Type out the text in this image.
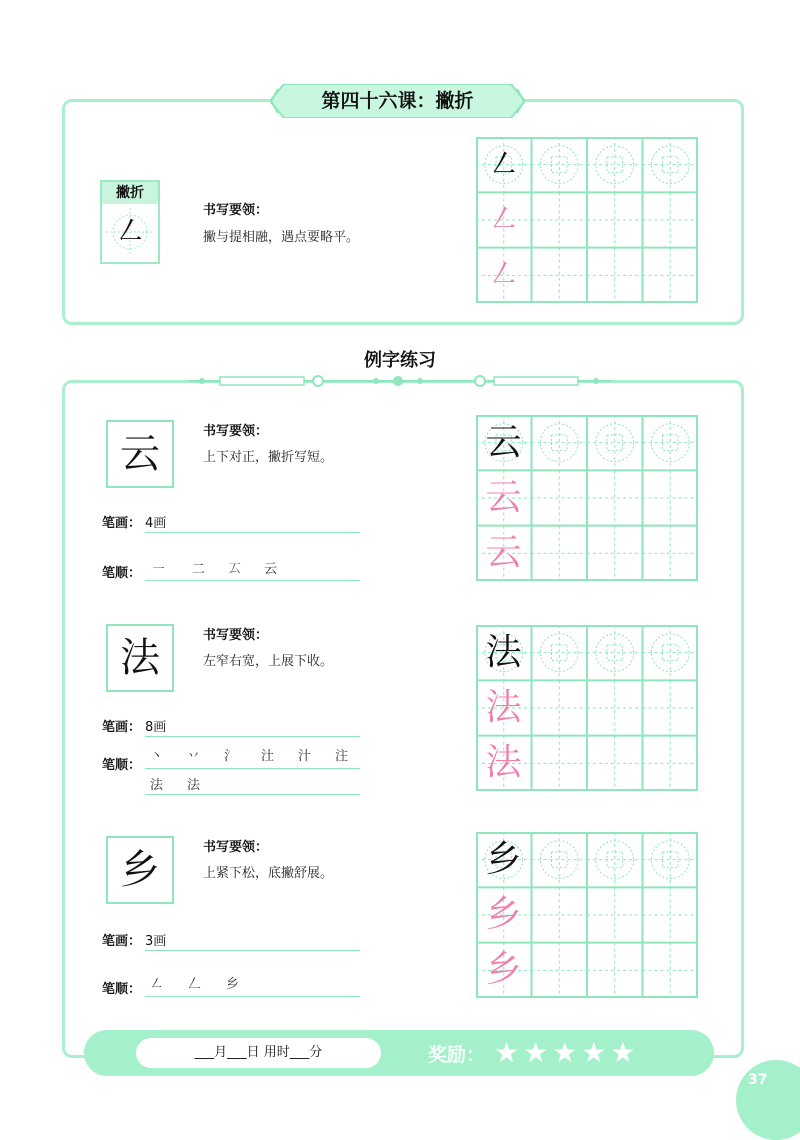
第四十六课：撇折
撇折
㇜
书写要领：
撇与提相融，遇点要略平。
㇜
㇜
㇜
例字练习
云	书写要领：
上下对正，撇折写短。
笔画： 4画
笔顺： ㇐ 二 𠫔 云
云
云
云
法	书写要领：
左窄右宽，上展下收。
笔画： 8画
笔顺：
丶 丷 氵 汢 汁 注
法 法
法
法
法
乡	书写要领：
上紧下松，底撇舒展。
笔画： 3画
笔顺： ㇜ 𠃋 乡
乡
乡
乡
___月___日 用时___分	奖励： ★★★★★
37
